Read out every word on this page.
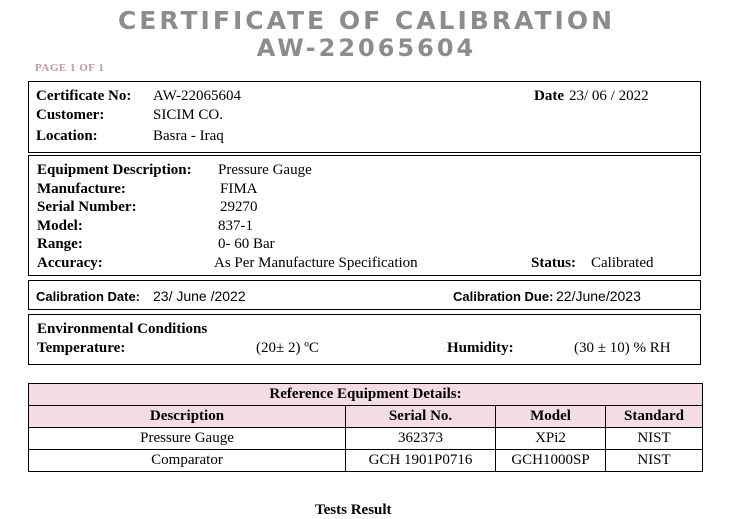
CERTIFICATE OF CALIBRATION
AW-22065604
PAGE 1 OF 1
Certificate No: AW-22065604	Date 23/ 06 / 2022
Customer:	SICIM CO.
Location:	Basra - Iraq
Equipment Description: Pressure Gauge
Manufacture:	FIMA
Serial Number:	29270
Model:	837-1
Range:	0- 60 Bar
Accuracy:	As Per Manufacture Specification	Status: Calibrated
Calibration Date: 23/ June /2022	Calibration Due: 22/June/2023
Environmental Conditions
Temperature:	(20± 2) ºC	Humidity:	(30 ± 10) % RH
Reference Equipment Details:			
Description	Serial No.	Model	Standard
Pressure Gauge	362373	XPi2	NIST
Comparator	GCH 1901P0716	GCH1000SP	NIST
Tests Result
